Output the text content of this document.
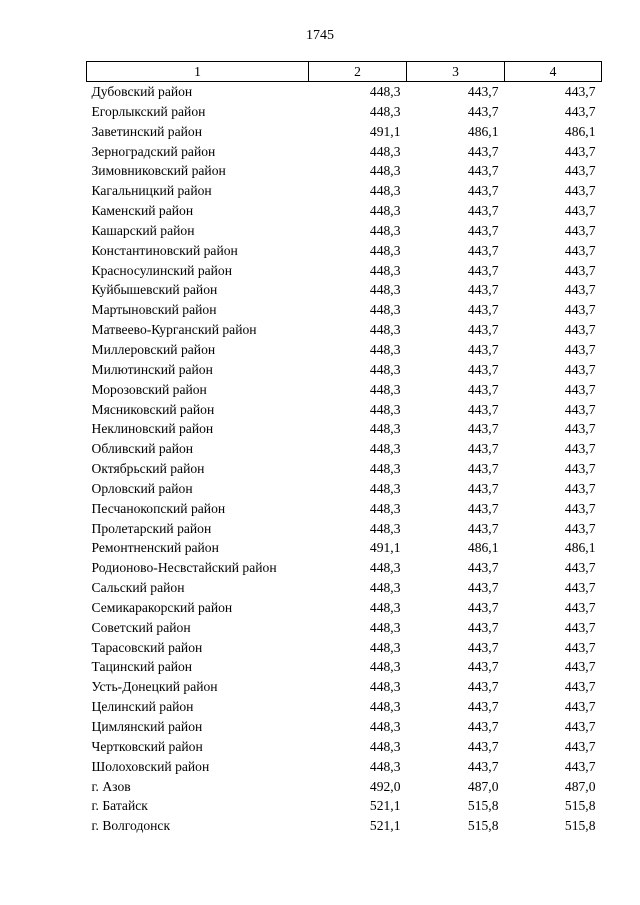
1745
1	2	3	4
Дубовский район	448,3	443,7	443,7
Егорлыкский район	448,3	443,7	443,7
Заветинский район	491,1	486,1	486,1
Зерноградский район	448,3	443,7	443,7
Зимовниковский район	448,3	443,7	443,7
Кагальницкий район	448,3	443,7	443,7
Каменский район	448,3	443,7	443,7
Кашарский район	448,3	443,7	443,7
Константиновский район	448,3	443,7	443,7
Красносулинский район	448,3	443,7	443,7
Куйбышевский район	448,3	443,7	443,7
Мартыновский район	448,3	443,7	443,7
Матвеево-Курганский район	448,3	443,7	443,7
Миллеровский район	448,3	443,7	443,7
Милютинский район	448,3	443,7	443,7
Морозовский район	448,3	443,7	443,7
Мясниковский район	448,3	443,7	443,7
Неклиновский район	448,3	443,7	443,7
Обливский район	448,3	443,7	443,7
Октябрьский район	448,3	443,7	443,7
Орловский район	448,3	443,7	443,7
Песчанокопский район	448,3	443,7	443,7
Пролетарский район	448,3	443,7	443,7
Ремонтненский район	491,1	486,1	486,1
Родионово-Несвстайский район	448,3	443,7	443,7
Сальский район	448,3	443,7	443,7
Семикаракорский район	448,3	443,7	443,7
Советский район	448,3	443,7	443,7
Тарасовский район	448,3	443,7	443,7
Тацинский район	448,3	443,7	443,7
Усть-Донецкий район	448,3	443,7	443,7
Целинский район	448,3	443,7	443,7
Цимлянский район	448,3	443,7	443,7
Чертковский район	448,3	443,7	443,7
Шолоховский район	448,3	443,7	443,7
г. Азов	492,0	487,0	487,0
г. Батайск	521,1	515,8	515,8
г. Волгодонск	521,1	515,8	515,8
